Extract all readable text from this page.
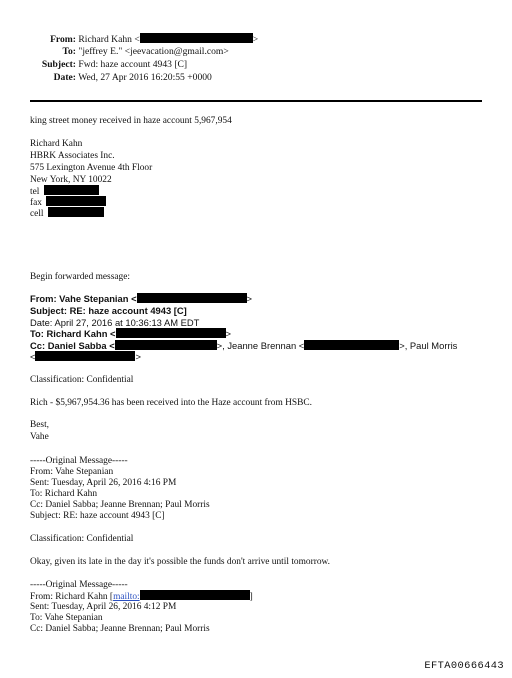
From: Richard Kahn <	>
To: "jeffrey E." <jeevacation@gmail.com>
Subject: Fwd: haze account 4943 [C]
Date: Wed, 27 Apr 2016 16:20:55 +0000
king street money received in haze account 5,967,954
Richard Kahn
HBRK Associates Inc.
575 Lexington Avenue 4th Floor
New York, NY 10022
tel
fax
cell
Begin forwarded message:
From: Vahe Stepanian <	>
Subject: RE: haze account 4943 [C]
Date: April 27, 2016 at 10:36:13 AM EDT
To: Richard Kahn <	>
Cc: Daniel Sabba <	>, Jeanne Brennan <	>, Paul Morris
<	>
Classification: Confidential
Rich - $5,967,954.36 has been received into the Haze account from HSBC.
Best,
Vahe
-----Original Message-----
From: Vahe Stepanian
Sent: Tuesday, April 26, 2016 4:16 PM
To: Richard Kahn
Cc: Daniel Sabba; Jeanne Brennan; Paul Morris
Subject: RE: haze account 4943 [C]
Classification: Confidential
Okay, given its late in the day it's possible the funds don't arrive until tomorrow.
-----Original Message-----
From: Richard Kahn [mailto:	]
Sent: Tuesday, April 26, 2016 4:12 PM
To: Vahe Stepanian
Cc: Daniel Sabba; Jeanne Brennan; Paul Morris
EFTA00666443
